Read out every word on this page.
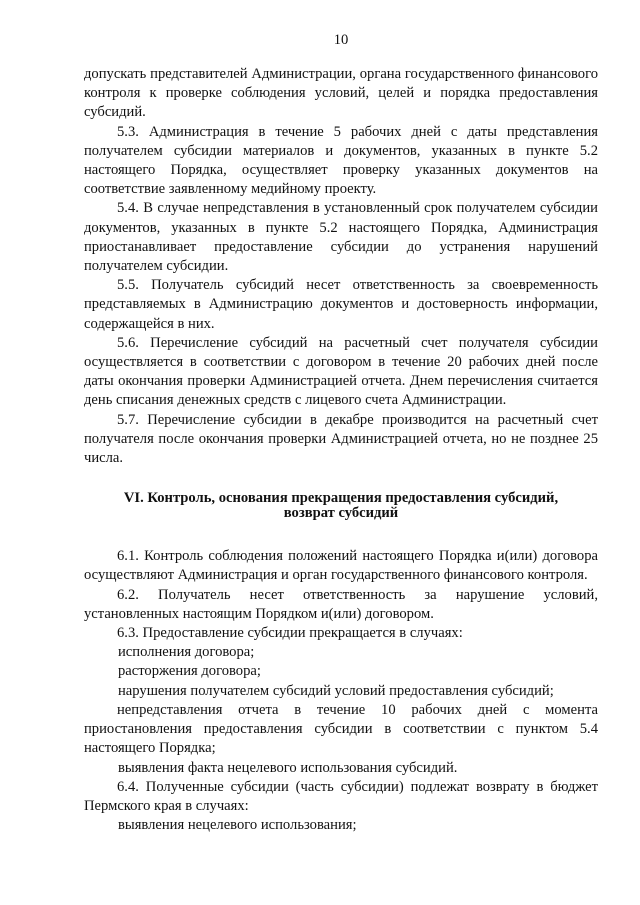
10

допускать представителей Администрации, органа государственного финансового контроля к проверке соблюдения условий, целей и порядка предоставления субсидий.

5.3. Администрация в течение 5 рабочих дней с даты представления получателем субсидии материалов и документов, указанных в пункте 5.2 настоящего Порядка, осуществляет проверку указанных документов на соответствие заявленному медийному проекту.

5.4. В случае непредставления в установленный срок получателем субсидии документов, указанных в пункте 5.2 настоящего Порядка, Администрация приостанавливает предоставление субсидии до устранения нарушений получателем субсидии.

5.5. Получатель субсидий несет ответственность за своевременность представляемых в Администрацию документов и достоверность информации, содержащейся в них.

5.6. Перечисление субсидий на расчетный счет получателя субсидии осуществляется в соответствии с договором в течение 20 рабочих дней после даты окончания проверки Администрацией отчета. Днем перечисления считается день списания денежных средств с лицевого счета Администрации.

5.7. Перечисление субсидии в декабре производится на расчетный счет получателя после окончания проверки Администрацией отчета, но не позднее 25 числа.

VI. Контроль, основания прекращения предоставления субсидий,
возврат субсидий

6.1. Контроль соблюдения положений настоящего Порядка и(или) договора осуществляют Администрация и орган государственного финансового контроля.

6.2. Получатель несет ответственность за нарушение условий, установленных настоящим Порядком и(или) договором.

6.3. Предоставление субсидии прекращается в случаях:

исполнения договора;

расторжения договора;

нарушения получателем субсидий условий предоставления субсидий;

непредставления отчета в течение 10 рабочих дней с момента приостановления предоставления субсидии в соответствии с пунктом 5.4 настоящего Порядка;

выявления факта нецелевого использования субсидий.

6.4. Полученные субсидии (часть субсидии) подлежат возврату в бюджет Пермского края в случаях:

выявления нецелевого использования;
